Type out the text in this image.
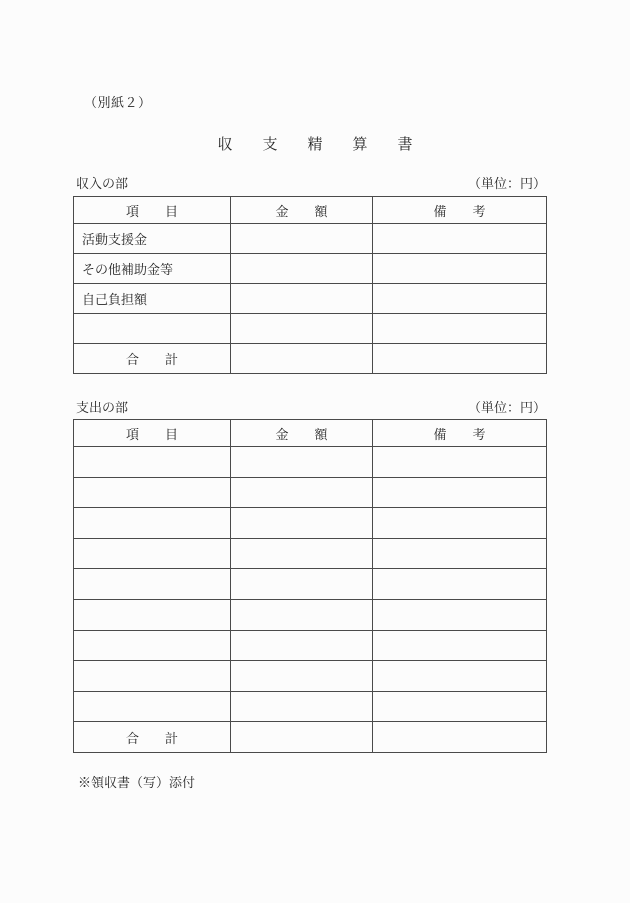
（別紙２）
収　　支　　精　　算　　書
収入の部	（単位：円）
項　　目	金　　額	備　　考
活動支援金		
その他補助金等		
自己負担額		

合　　計		
支出の部	（単位：円）
項　　目	金　　額	備　　考

合　　計		
※領収書（写）添付
